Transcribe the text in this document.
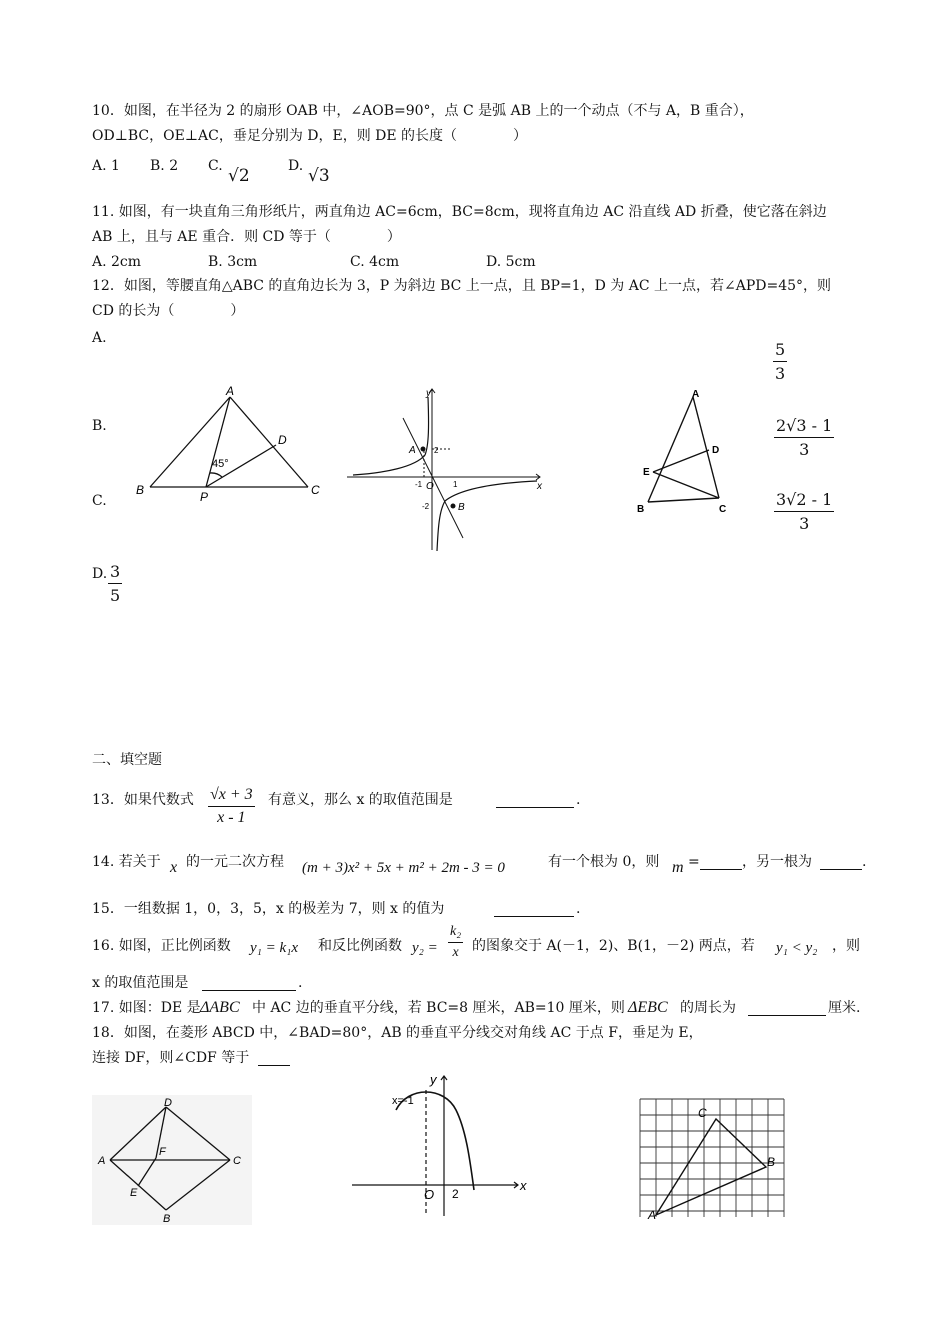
10．如图，在半径为 2 的扇形 OAB 中，∠AOB=90°，点 C 是弧 AB 上的一个动点（不与 A，B 重合），
OD⊥BC，OE⊥AC，垂足分别为 D，E，则 DE 的长度（　　　　）
A. 1 B. 2 C. √2	D. √3
11. 如图，有一块直角三角形纸片，两直角边 AC=6cm，BC=8cm，现将直角边 AC 沿直线 AD 折叠，使它落在斜边
AB 上，且与 AE 重合．则 CD 等于（　　　　）
A. 2cm	B. 3cm	C. 4cm	D. 5cm
12．如图，等腰直角△ABC 的直角边长为 3，P 为斜边 BC 上一点，且 BP=1，D 为 AC 上一点，若∠APD=45°，则
CD 的长为（　　　　）
A.
B.
C.
D.
$\frac{5}{3}$
$\frac{2√3 - 1}{3}$
$\frac{3√2 - 1}{3}$
$\frac{3}{5}$
A
B	C
D
P
45°
y
x
O
A
B
2
-2
-1	1
A
B	C
D
E
二、填空题
13．如果代数式 $\frac{√x + 3}{x - 1}$ 有意义，那么 x 的取值范围是	.
14. 若关于 x 的一元二次方程 (m + 3)x² + 5x + m² + 2m - 3 = 0	有一个根为 0，则 m =	，另一根为	.
15．一组数据 1，0，3，5，x 的极差为 7，则 x 的值为	.
16. 如图，正比例函数 y₁ = k₁x 和反比例函数 $y_2 = \frac{\text{k₂}}{x}$ 的图象交于 A(－1，2)、B(1，－2) 两点，若 y₁ < y₂ ，则
x 的取值范围是	.
17. 如图：DE 是 ΔABC 中 AC 边的垂直平分线，若 BC=8 厘米，AB=10 厘米，则 ΔEBC 的周长为	厘米.
18．如图，在菱形 ABCD 中，∠BAD=80°，AB 的垂直平分线交对角线 AC 于点 F，垂足为 E，
连接 DF，则∠CDF 等于
D
A	C
B
E
F
y
x
O 2
x=-1
C
B
A
